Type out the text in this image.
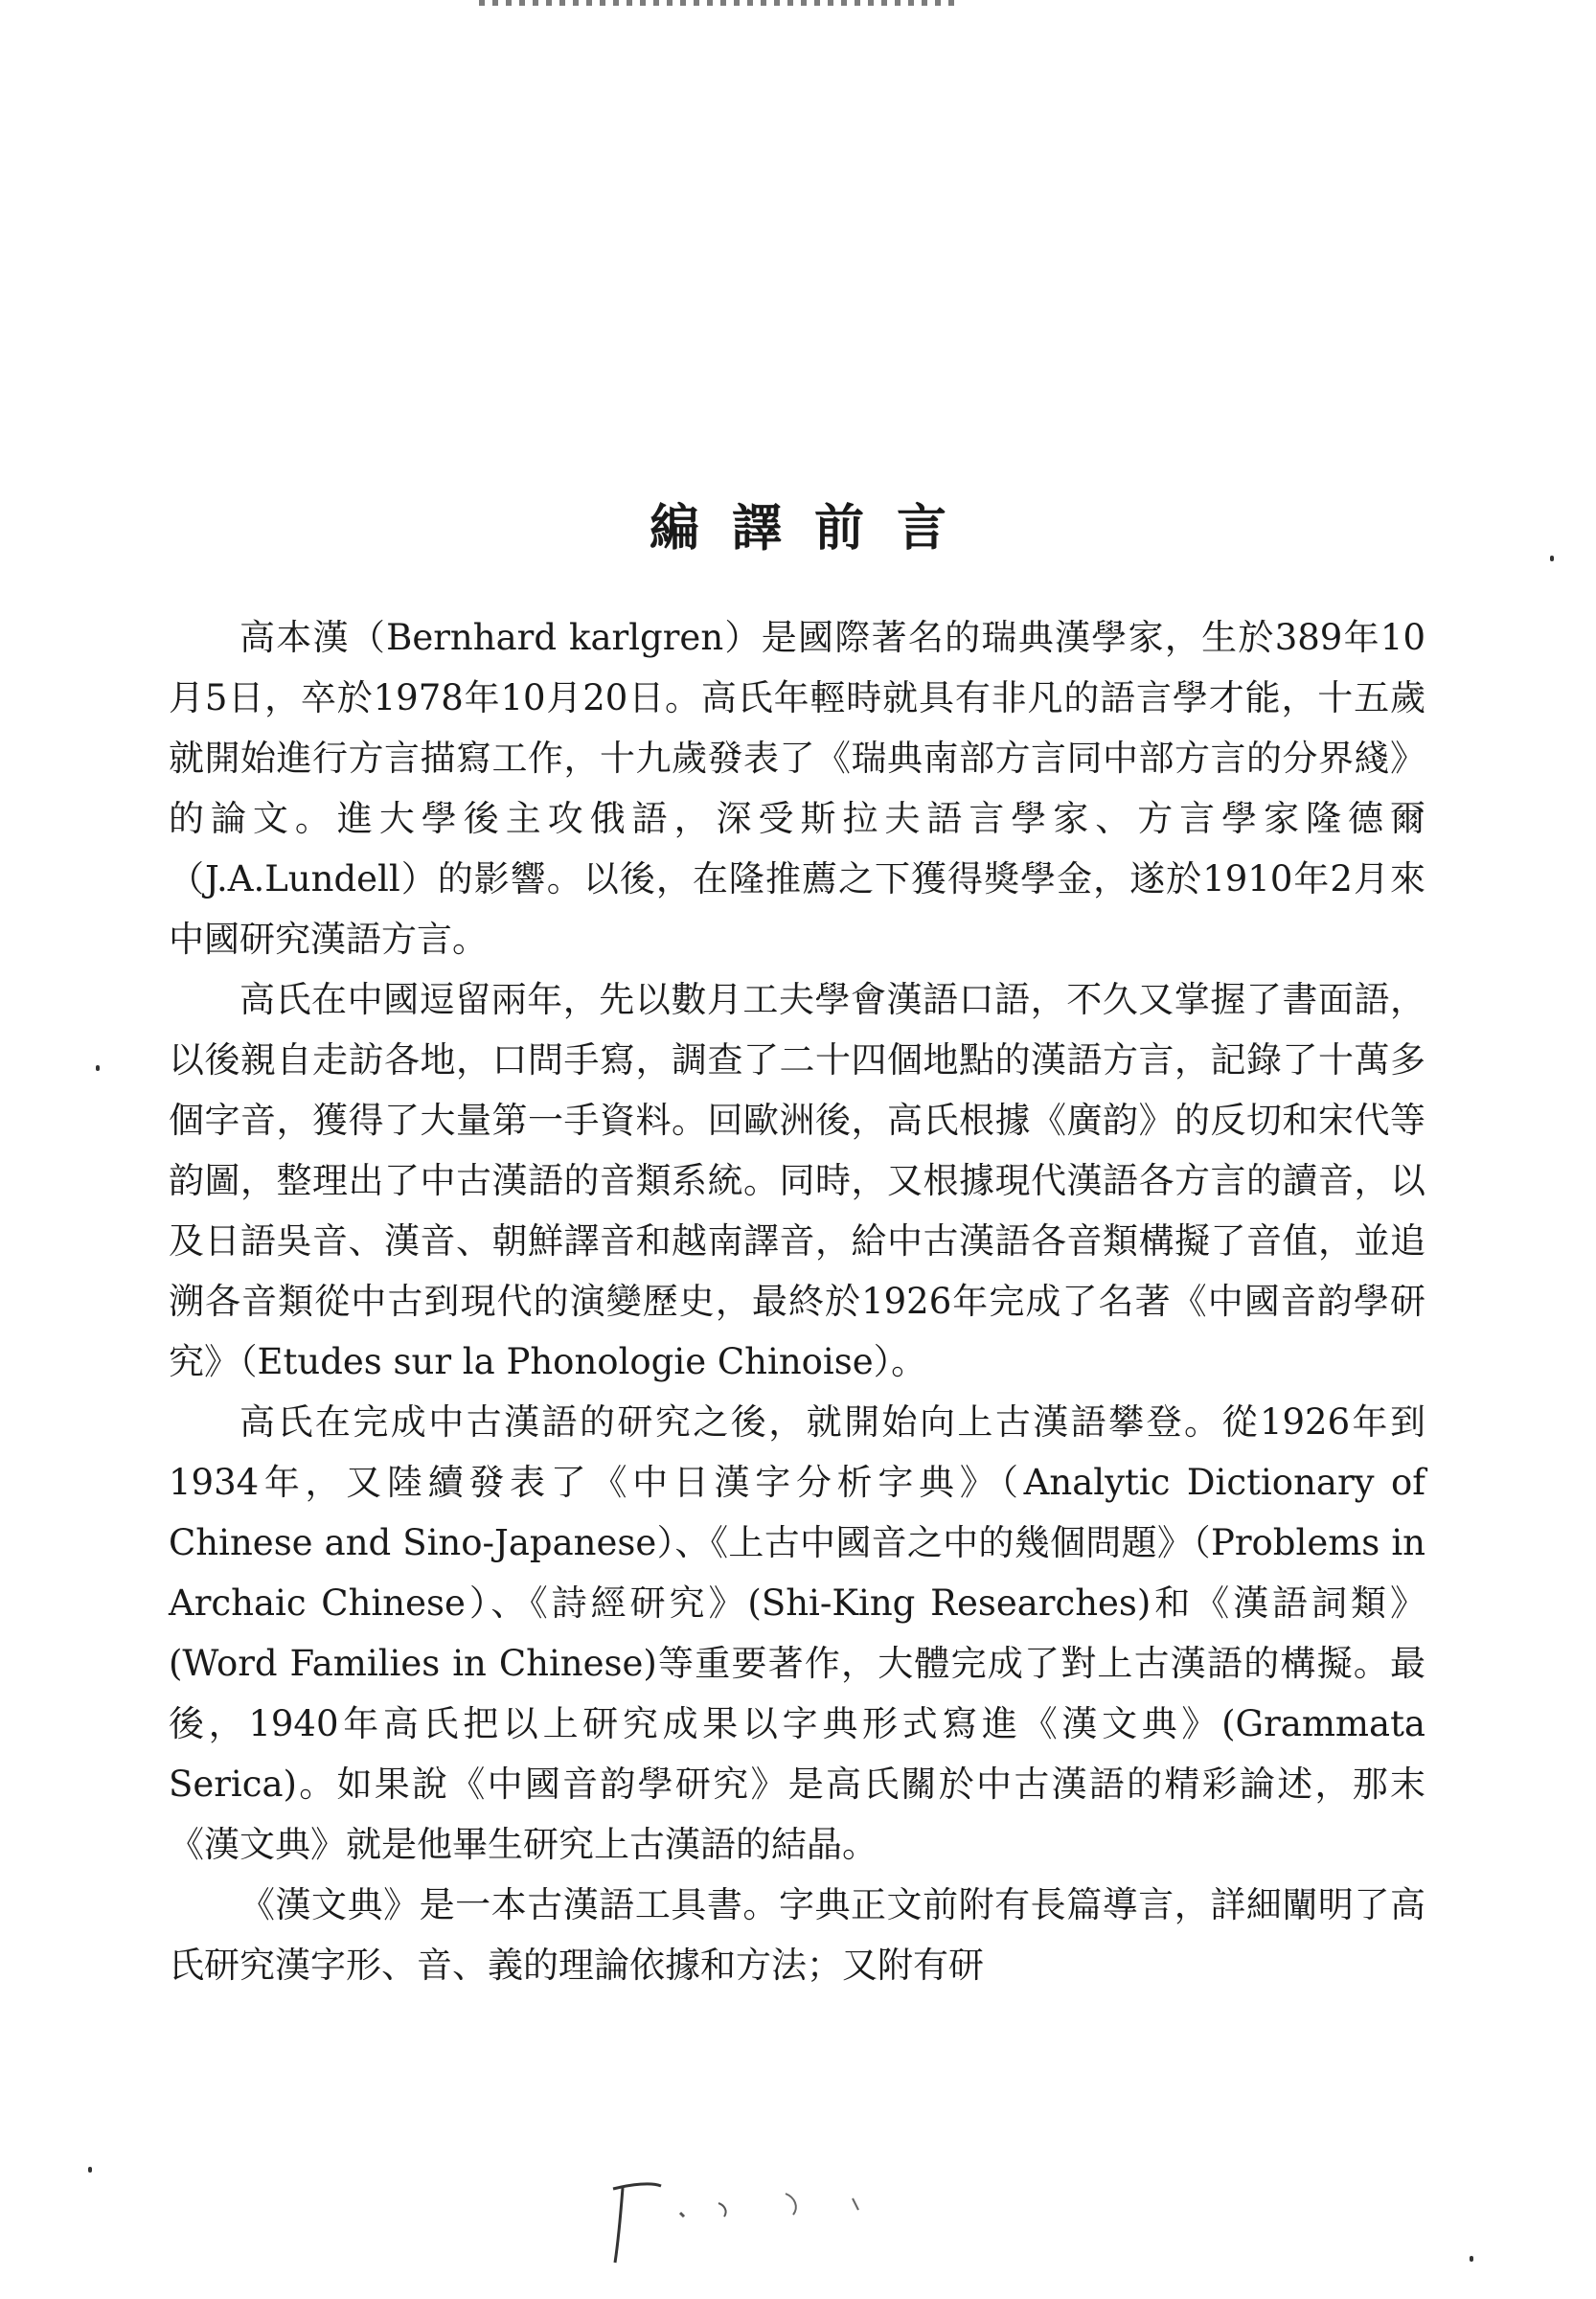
編譯前言

高本漢（Bernhard karlgren）是國際著名的瑞典漢學家，生於389年10月5日，卒於1978年10月20日。高氏年輕時就具有非凡的語言學才能，十五歲就開始進行方言描寫工作，十九歲發表了《瑞典南部方言同中部方言的分界綫》的論文。進大學後主攻俄語，深受斯拉夫語言學家、方言學家隆德爾（J.A.Lundell）的影響。以後，在隆推薦之下獲得獎學金，遂於1910年2月來中國研究漢語方言。

高氏在中國逗留兩年，先以數月工夫學會漢語口語，不久又掌握了書面語，以後親自走訪各地，口問手寫，調查了二十四個地點的漢語方言，記錄了十萬多個字音，獲得了大量第一手資料。回歐洲後，高氏根據《廣韵》的反切和宋代等韵圖，整理出了中古漢語的音類系統。同時，又根據現代漢語各方言的讀音，以及日語吳音、漢音、朝鮮譯音和越南譯音，給中古漢語各音類構擬了音值，並追溯各音類從中古到現代的演變歷史，最終於1926年完成了名著《中國音韵學研究》（Etudes sur la Phonologie Chinoise）。

高氏在完成中古漢語的研究之後，就開始向上古漢語攀登。從1926年到1934年，又陸續發表了《中日漢字分析字典》（Analytic Dictionary of Chinese and Sino-Japanese）、《上古中國音之中的幾個問題》（Problems in Archaic Chinese）、《詩經研究》(Shi-King Researches)和《漢語詞類》(Word Families in Chinese)等重要著作，大體完成了對上古漢語的構擬。最後，1940年高氏把以上研究成果以字典形式寫進《漢文典》(Grammata Serica)。如果說《中國音韵學研究》是高氏關於中古漢語的精彩論述，那末《漢文典》就是他畢生研究上古漢語的結晶。

《漢文典》是一本古漢語工具書。字典正文前附有長篇導言，詳細闡明了高氏研究漢字形、音、義的理論依據和方法；又附有研
